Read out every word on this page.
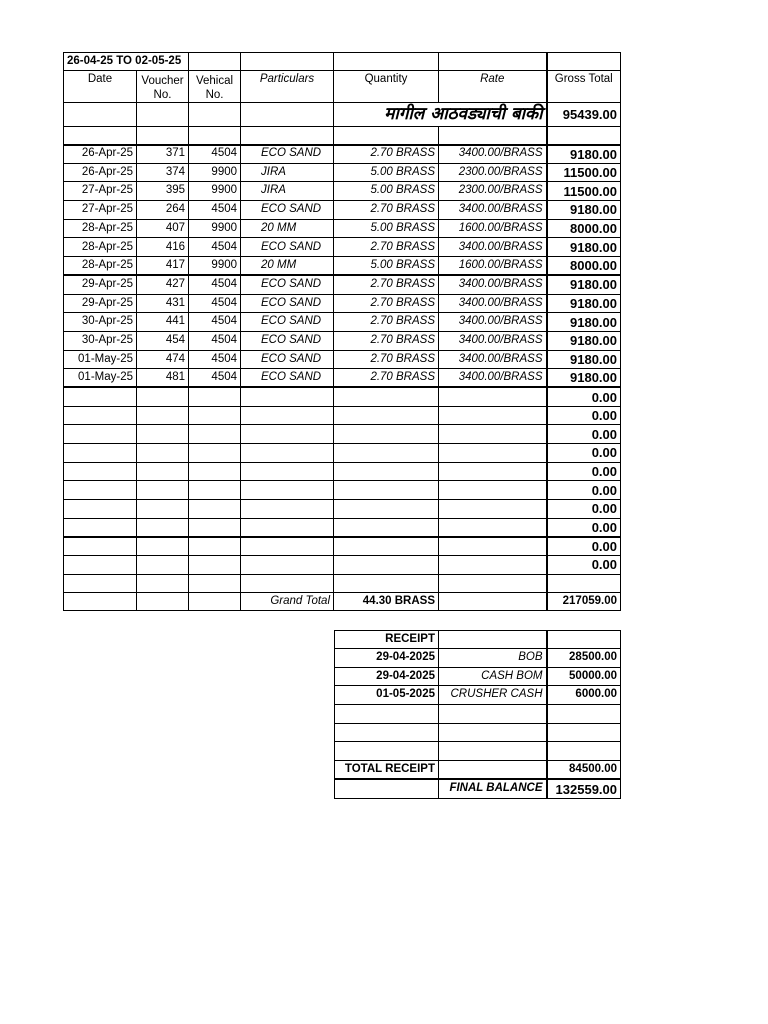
26-04-25 TO 02-05-25						
Date	Voucher No.	Vehical No.	Particulars	Quantity	Rate	Gross Total
				मागील आठवड्याची बाकी		95439.00

26-Apr-25	371	4504	ECO SAND	2.70 BRASS	3400.00/BRASS	9180.00
26-Apr-25	374	9900	JIRA	5.00 BRASS	2300.00/BRASS	11500.00
27-Apr-25	395	9900	JIRA	5.00 BRASS	2300.00/BRASS	11500.00
27-Apr-25	264	4504	ECO SAND	2.70 BRASS	3400.00/BRASS	9180.00
28-Apr-25	407	9900	20 MM	5.00 BRASS	1600.00/BRASS	8000.00
28-Apr-25	416	4504	ECO SAND	2.70 BRASS	3400.00/BRASS	9180.00
28-Apr-25	417	9900	20 MM	5.00 BRASS	1600.00/BRASS	8000.00
29-Apr-25	427	4504	ECO SAND	2.70 BRASS	3400.00/BRASS	9180.00
29-Apr-25	431	4504	ECO SAND	2.70 BRASS	3400.00/BRASS	9180.00
30-Apr-25	441	4504	ECO SAND	2.70 BRASS	3400.00/BRASS	9180.00
30-Apr-25	454	4504	ECO SAND	2.70 BRASS	3400.00/BRASS	9180.00
01-May-25	474	4504	ECO SAND	2.70 BRASS	3400.00/BRASS	9180.00
01-May-25	481	4504	ECO SAND	2.70 BRASS	3400.00/BRASS	9180.00
						0.00
						0.00
						0.00
						0.00
						0.00
						0.00
						0.00
						0.00
						0.00
						0.00

			Grand Total	44.30 BRASS		217059.00
RECEIPT		
29-04-2025	BOB	28500.00
29-04-2025	CASH BOM	50000.00
01-05-2025	CRUSHER CASH	6000.00

TOTAL RECEIPT		84500.00
	FINAL BALANCE	132559.00
